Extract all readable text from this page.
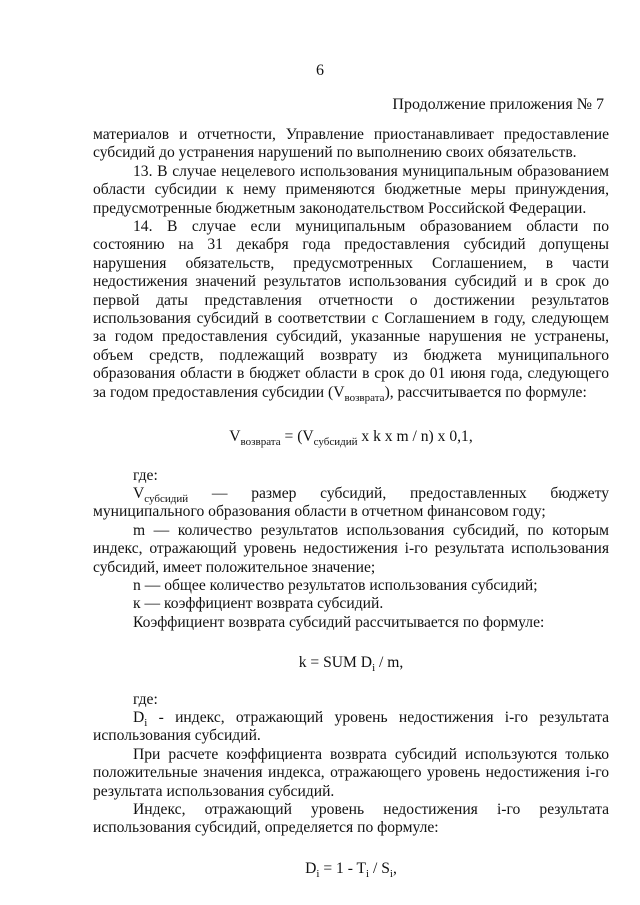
6
Продолжение приложения № 7

материалов и отчетности, Управление приостанавливает предоставление субсидий до устранения нарушений по выполнению своих обязательств.

13. В случае нецелевого использования муниципальным образованием области субсидии к нему применяются бюджетные меры принуждения, предусмотренные бюджетным законодательством Российской Федерации.

14. В случае если муниципальным образованием области по состоянию на 31 декабря года предоставления субсидий допущены нарушения обязательств, предусмотренных Соглашением, в части недостижения значений результатов использования субсидий и в срок до первой даты представления отчетности о достижении результатов использования субсидий в соответствии с Соглашением в году, следующем за годом предоставления субсидий, указанные нарушения не устранены, объем средств, подлежащий возврату из бюджета муниципального образования области в бюджет области в срок до 01 июня года, следующего за годом предоставления субсидии $(V_{возврата})$, рассчитывается по формуле:

$V_{возврата} = (V_{субсидий}$ x k x m / n) x 0,1,

где:

$V_{субсидий}$ — размер субсидий, предоставленных бюджету муниципального образования области в отчетном финансовом году;

m — количество результатов использования субсидий, по которым индекс, отражающий уровень недостижения i-го результата использования субсидий, имеет положительное значение;

n — общее количество результатов использования субсидий;

к — коэффициент возврата субсидий.

Коэффициент возврата субсидий рассчитывается по формуле:

k = SUM $D_i$ / m,

где:

$D_i$ - индекс, отражающий уровень недостижения i-го результата использования субсидий.

При расчете коэффициента возврата субсидий используются только положительные значения индекса, отражающего уровень недостижения i-го результата использования субсидий.

Индекс, отражающий уровень недостижения i-го результата использования субсидий, определяется по формуле:

$D_i = 1 - T_i / S_i$,
